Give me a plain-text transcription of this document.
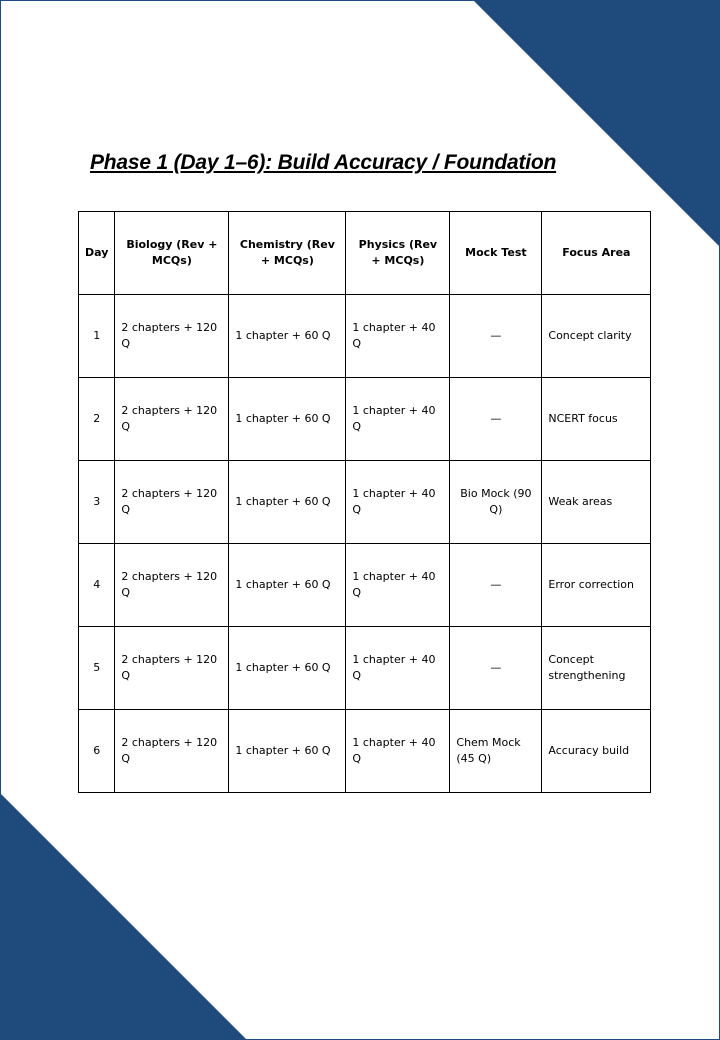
Phase 1 (Day 1–6): Build Accuracy / Foundation
Day	Biology (Rev + MCQs)	Chemistry (Rev + MCQs)	Physics (Rev + MCQs)	Mock Test	Focus Area
1	2 chapters + 120 Q	1 chapter + 60 Q	1 chapter + 40 Q	—	Concept clarity
2	2 chapters + 120 Q	1 chapter + 60 Q	1 chapter + 40 Q	—	NCERT focus
3	2 chapters + 120 Q	1 chapter + 60 Q	1 chapter + 40 Q	Bio Mock (90 Q)	Weak areas
4	2 chapters + 120 Q	1 chapter + 60 Q	1 chapter + 40 Q	—	Error correction
5	2 chapters + 120 Q	1 chapter + 60 Q	1 chapter + 40 Q	—	Concept strengthening
6	2 chapters + 120 Q	1 chapter + 60 Q	1 chapter + 40 Q	Chem Mock (45 Q)	Accuracy build
